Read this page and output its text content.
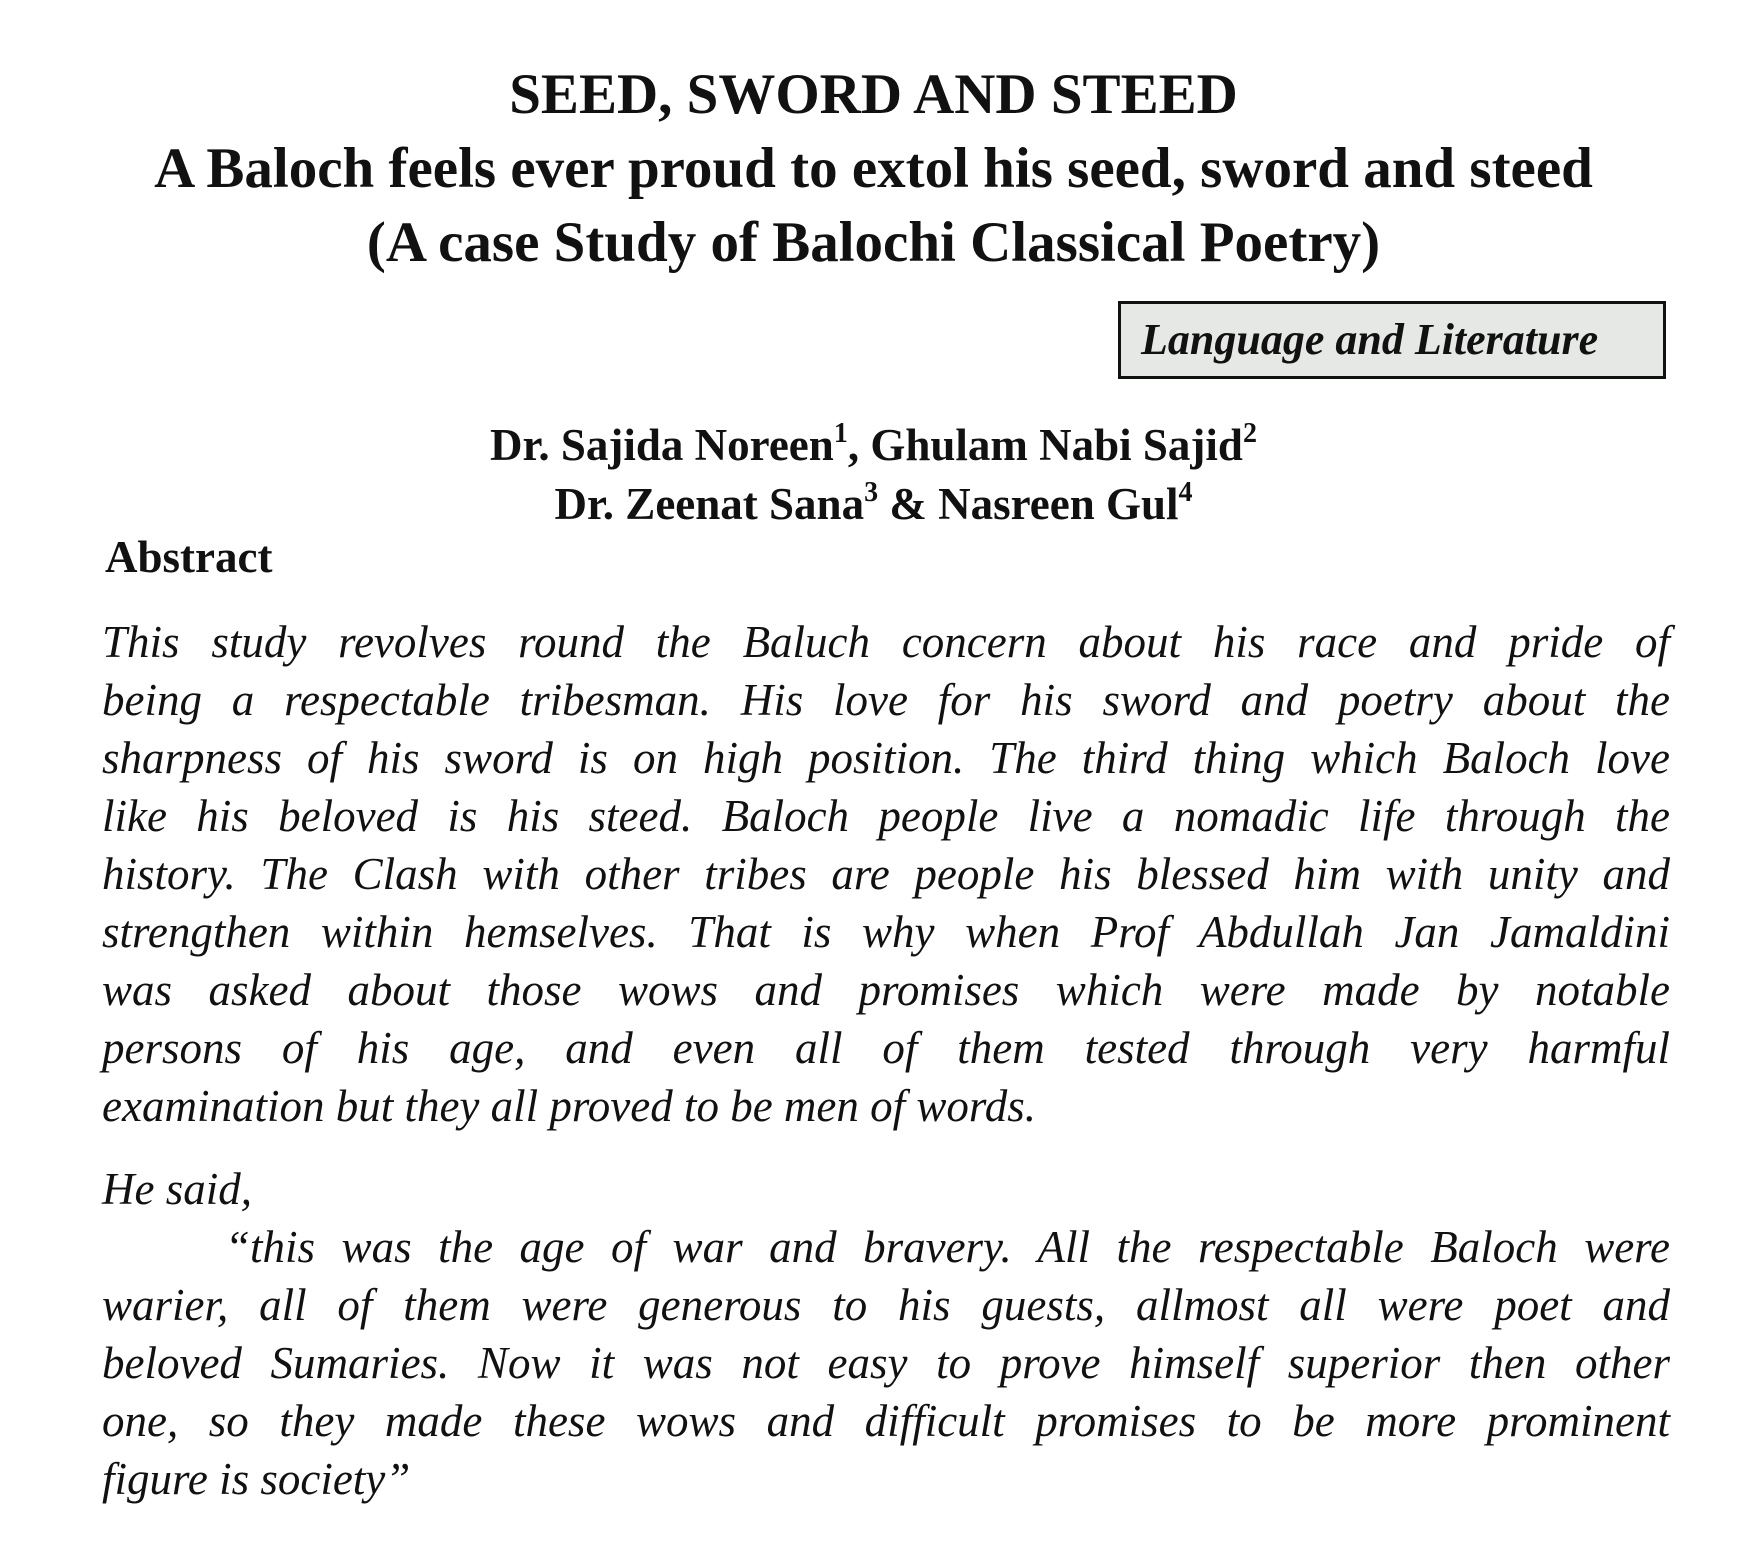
SEED, SWORD AND STEED
A Baloch feels ever proud to extol his seed, sword and steed
(A case Study of Balochi Classical Poetry)
Language and Literature
Dr. Sajida Noreen$^1$, Ghulam Nabi Sajid$^2$
Dr. Zeenat Sana$^3$ & Nasreen Gul$^4$
Abstract
This study revolves round the Baluch concern about his race and pride of
being a respectable tribesman. His love for his sword and poetry about the
sharpness of his sword is on high position. The third thing which Baloch love
like his beloved is his steed. Baloch people live a nomadic life through the
history. The Clash with other tribes are people his blessed him with unity and
strengthen within hemselves. That is why when Prof Abdullah Jan Jamaldini
was asked about those wows and promises which were made by notable
persons of his age, and even all of them tested through very harmful
examination but they all proved to be men of words.
He said,
“this was the age of war and bravery. All the respectable Baloch were
warier, all of them were generous to his guests, allmost all were poet and
beloved Sumaries. Now it was not easy to prove himself superior then other
one, so they made these wows and difficult promises to be more prominent
figure is society”
